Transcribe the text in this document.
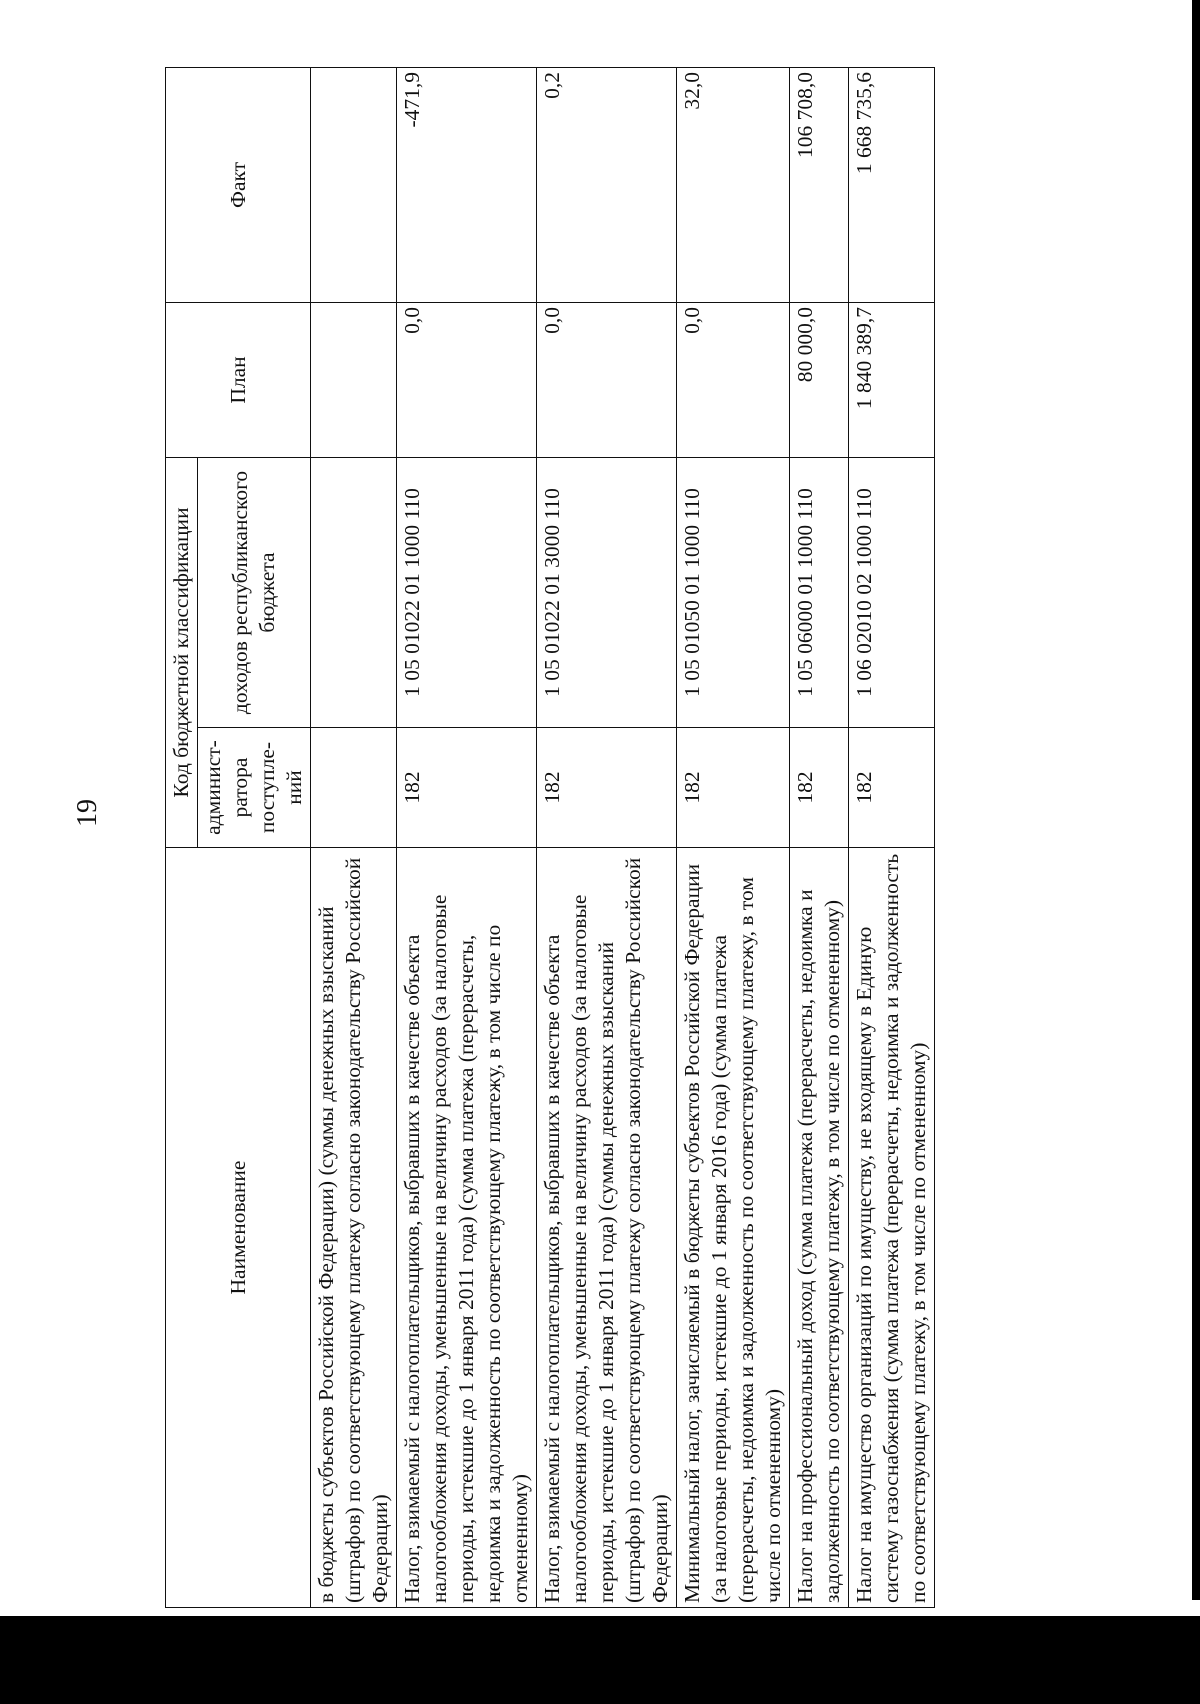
19
Наименование	Код бюджетной классификации		План	Факт
	админист-ратора поступле-ний	доходов республиканского бюджета		
в бюджеты субъектов Российской Федерации) (суммы денежных взысканий (штрафов) по соответствующему платежу согласно законодательству Российской Федерации)				
Налог, взимаемый с налогоплательщиков, выбравших в качестве объекта налогообложения доходы, уменьшенные на величину расходов (за налоговые периоды, истекшие до 1 января 2011 года) (сумма платежа (перерасчеты, недоимка и задолженность по соответствующему платежу, в том числе по отмененному)	182	1 05 01022 01 1000 110	0,0	-471,9
Налог, взимаемый с налогоплательщиков, выбравших в качестве объекта налогообложения доходы, уменьшенные на величину расходов (за налоговые периоды, истекшие до 1 января 2011 года) (суммы денежных взысканий (штрафов) по соответствующему платежу согласно законодательству Российской Федерации)	182	1 05 01022 01 3000 110	0,0	0,2
Минимальный налог, зачисляемый в бюджеты субъектов Российской Федерации (за налоговые периоды, истекшие до 1 января 2016 года) (сумма платежа (перерасчеты, недоимка и задолженность по соответствующему платежу, в том числе по отмененному)	182	1 05 01050 01 1000 110	0,0	32,0
Налог на профессиональный доход (сумма платежа (перерасчеты, недоимка и задолженность по соответствующему платежу, в том числе по отмененному)	182	1 05 06000 01 1000 110	80 000,0	106 708,0
Налог на имущество организаций по имуществу, не входящему в Единую систему газоснабжения (сумма платежа (перерасчеты, недоимка и задолженность по соответствующему платежу, в том числе по отмененному)	182	1 06 02010 02 1000 110	1 840 389,7	1 668 735,6
